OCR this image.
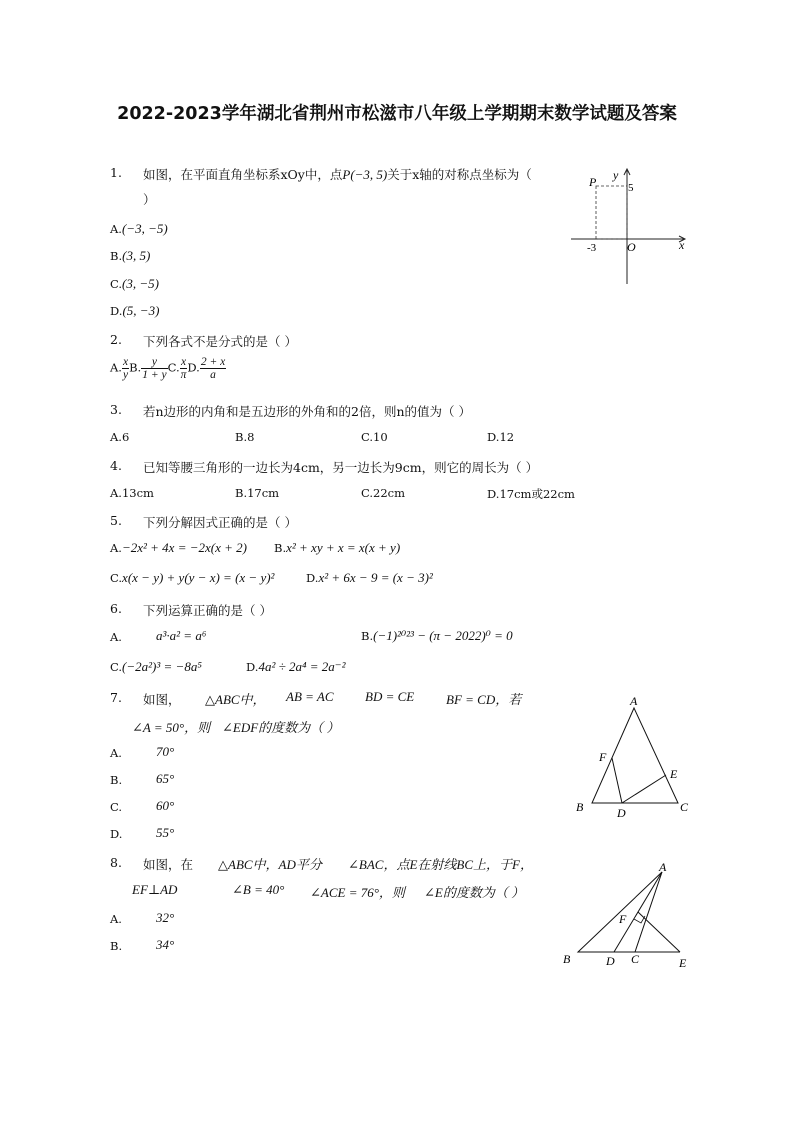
2022-2023学年湖北省荆州市松滋市八年级上学期期末数学试题及答案
1. 如图，在平面直角坐标系xOy中，点P(−3, 5)关于x轴的对称点坐标为（
）
A.(−3, −5)
B.(3, 5)
C.(3, −5)
D.(5, −3)
P y
5
-3	O	x
2. 下列各式不是分式的是（ ）
A. $\frac{x}{y} B$. $\frac{y}{1 + y} C$. $\frac{x}{\pi} D$. $\frac{2 + x}{a}$
3. 若n边形的内角和是五边形的外角和的2倍，则n的值为（ ）
A.6	B.8	C.10	D.12
4. 已知等腰三角形的一边长为4cm，另一边长为9cm，则它的周长为（ ）
A.13cm	B.17cm	C.22cm	D.17cm或22cm
5. 下列分解因式正确的是（ ）
A.−2x² + 4x = −2x(x + 2) B.x² + xy + x = x(x + y)
C.x(x − y) + y(y − x) = (x − y)²	D.x² + 6x − 9 = (x − 3)²
6. 下列运算正确的是（ ）
A.	a³·a² = a⁶	B.(−1)²⁰²³ − (π − 2022)⁰ = 0
C.(−2a²)³ = −8a⁵	D.4a² ÷ 2a⁴ = 2a⁻²
7. 如图， △ABC中， AB = AC BD = CE BF = CD，若
∠A = 50°，则 ∠EDF的度数为（ ）
A.	70°
B.	65°
C.	60°
D.	55°
A
B	C
D
E
F
8. 如图，在 △ABC中，AD平分 ∠BAC，点E在射线BC上，于F，
EF⊥AD	∠B = 40° ∠ACE = 76°，则 ∠E的度数为（ ）
A.	32°
B.	34°
A
B	C
D	E
F
